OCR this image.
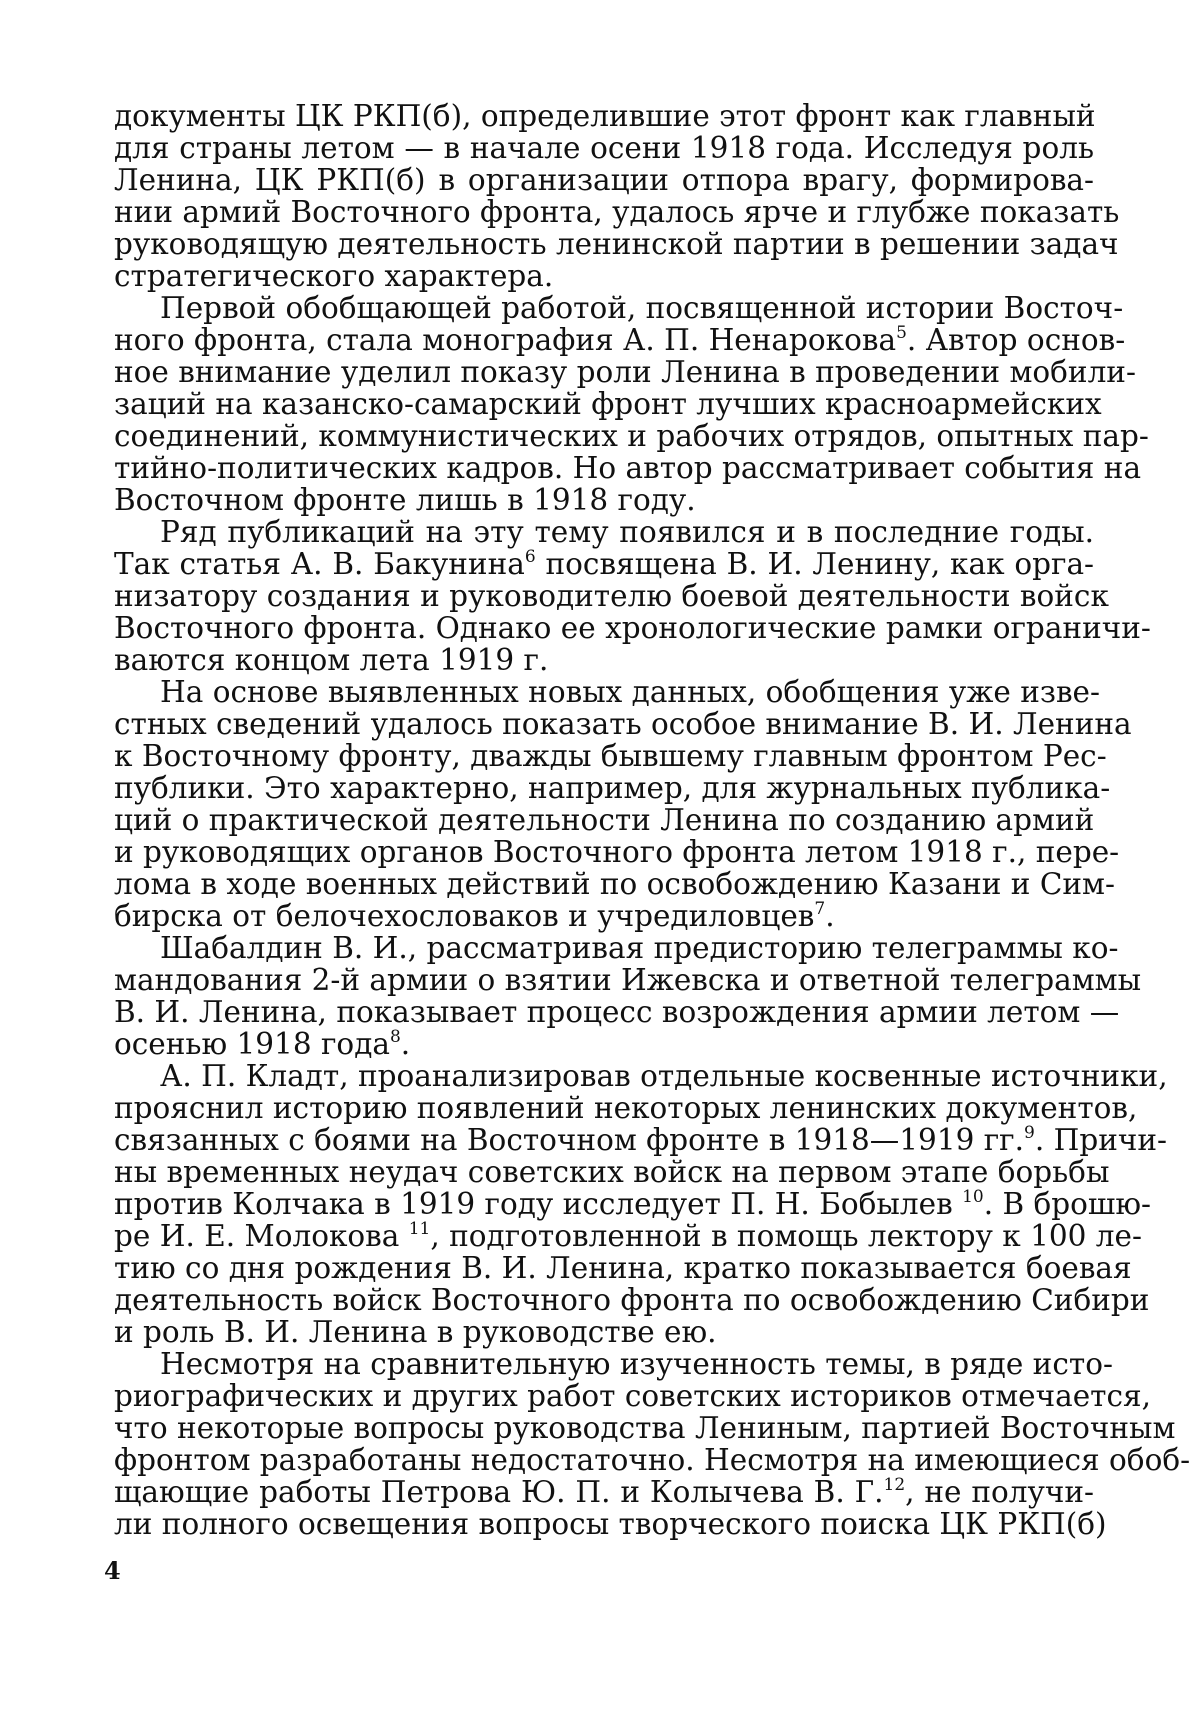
документы ЦК РКП(б), определившие этот фронт как главный
для страны летом — в начале осени 1918 года. Исследуя роль
Ленина, ЦК РКП(б) в организации отпора врагу, формирова-
нии армий Восточного фронта, удалось ярче и глубже показать
руководящую деятельность ленинской партии в решении задач
стратегического характера.
Первой обобщающей работой, посвященной истории Восточ-
ного фронта, стала монография А. П. Ненарокова$^5$. Автор основ-
ное внимание уделил показу роли Ленина в проведении мобили-
заций на казанско-самарский фронт лучших красноармейских
соединений, коммунистических и рабочих отрядов, опытных пар-
тийно-политических кадров. Но автор рассматривает события на
Восточном фронте лишь в 1918 году.
Ряд публикаций на эту тему появился и в последние годы.
Так статья А. В. Бакунина$^6$ посвящена В. И. Ленину, как орга-
низатору создания и руководителю боевой деятельности войск
Восточного фронта. Однако ее хронологические рамки ограничи-
ваются концом лета 1919 г.
На основе выявленных новых данных, обобщения уже изве-
стных сведений удалось показать особое внимание В. И. Ленина
к Восточному фронту, дважды бывшему главным фронтом Рес-
публики. Это характерно, например, для журнальных публика-
ций о практической деятельности Ленина по созданию армий
и руководящих органов Восточного фронта летом 1918 г., пере-
лома в ходе военных действий по освобождению Казани и Сим-
бирска от белочехословаков и учредиловцев$^7$.
Шабалдин В. И., рассматривая предисторию телеграммы ко-
мандования 2-й армии о взятии Ижевска и ответной телеграммы
В. И. Ленина, показывает процесс возрождения армии летом —
осенью 1918 года$^8$.
А. П. Кладт, проанализировав отдельные косвенные источники,
прояснил историю появлений некоторых ленинских документов,
связанных с боями на Восточном фронте в 1918—1919 гг.$^9$. Причи-
ны временных неудач советских войск на первом этапе борьбы
против Колчака в 1919 году исследует П. Н. Бобылев $^{10}$. В брошю-
ре И. Е. Молокова $^{11}$, подготовленной в помощь лектору к 100 ле-
тию со дня рождения В. И. Ленина, кратко показывается боевая
деятельность войск Восточного фронта по освобождению Сибири
и роль В. И. Ленина в руководстве ею.
Несмотря на сравнительную изученность темы, в ряде исто-
риографических и других работ советских историков отмечается,
что некоторые вопросы руководства Лениным, партией Восточным
фронтом разработаны недостаточно. Несмотря на имеющиеся обоб-
щающие работы Петрова Ю. П. и Колычева В. Г.$^{12}$, не получи-
ли полного освещения вопросы творческого поиска ЦК РКП(б)
4
